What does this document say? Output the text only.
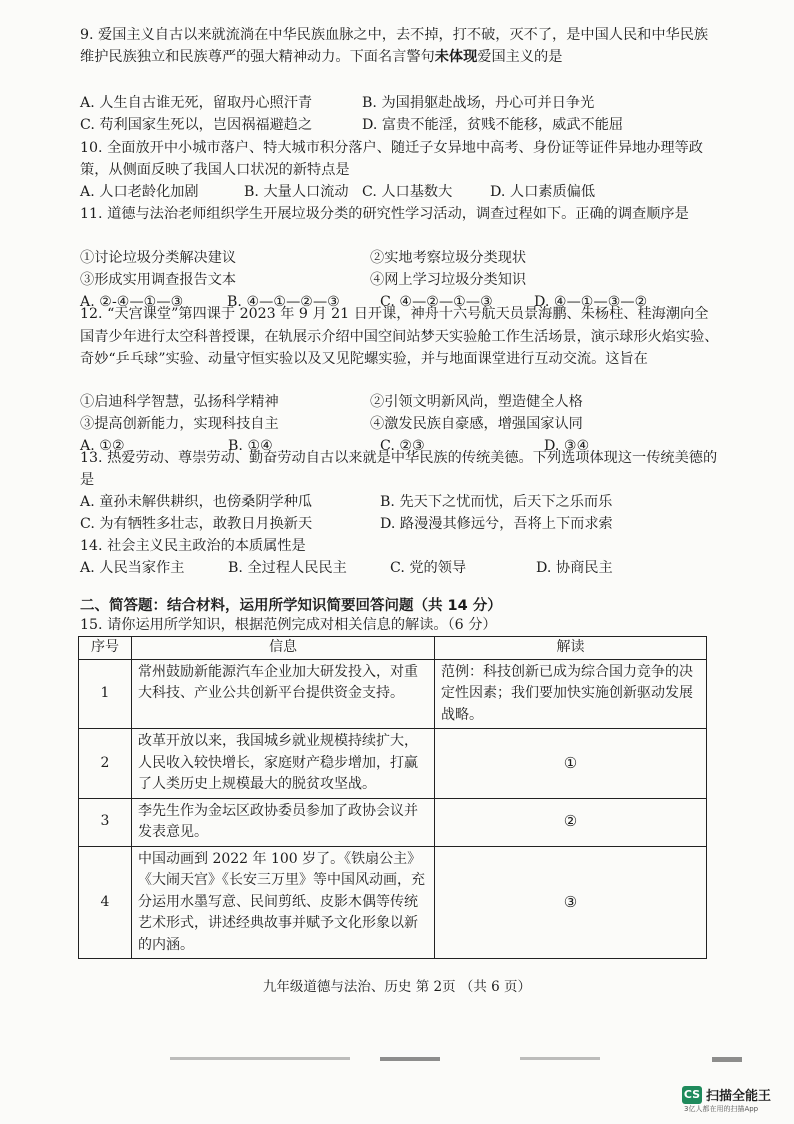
9. 爱国主义自古以来就流淌在中华民族血脉之中，去不掉，打不破，灭不了，是中国人民和中华民族维护民族独立和民族尊严的强大精神动力。下面名言警句未体现爱国主义的是
A. 人生自古谁无死，留取丹心照汗青	B. 为国捐躯赴战场，丹心可并日争光
C. 苟利国家生死以，岂因祸福避趋之	D. 富贵不能淫，贫贱不能移，威武不能屈
10. 全面放开中小城市落户、特大城市积分落户、随迁子女异地中高考、身份证等证件异地办理等政策，从侧面反映了我国人口状况的新特点是
A. 人口老龄化加剧	B. 大量人口流动 C. 人口基数大	D. 人口素质偏低
11. 道德与法治老师组织学生开展垃圾分类的研究性学习活动，调查过程如下。正确的调查顺序是
①讨论垃圾分类解决建议	②实地考察垃圾分类现状
③形成实用调查报告文本	④网上学习垃圾分类知识
A. ②-④—①—③	B. ④—①—②—③	C. ④—②—①—③	D. ④—①—③—②
12. “天宫课堂”第四课于 2023 年 9 月 21 日开课，神舟十六号航天员景海鹏、朱杨柱、桂海潮向全国青少年进行太空科普授课，在轨展示介绍中国空间站梦天实验舱工作生活场景，演示球形火焰实验、奇妙“乒乓球”实验、动量守恒实验以及又见陀螺实验，并与地面课堂进行互动交流。这旨在
①启迪科学智慧，弘扬科学精神	②引领文明新风尚，塑造健全人格
③提高创新能力，实现科技自主	④激发民族自豪感，增强国家认同
A. ①②	B. ①④	C. ②③	D. ③④
13. 热爱劳动、尊崇劳动、勤奋劳动自古以来就是中华民族的传统美德。下列选项体现这一传统美德的是
A. 童孙未解供耕织，也傍桑阴学种瓜	B. 先天下之忧而忧，后天下之乐而乐
C. 为有牺牲多壮志，敢教日月换新天	D. 路漫漫其修远兮，吾将上下而求索
14. 社会主义民主政治的本质属性是
A. 人民当家作主	B. 全过程人民民主	C. 党的领导	D. 协商民主
二、简答题：结合材料，运用所学知识简要回答问题（共 14 分）
15. 请你运用所学知识，根据范例完成对相关信息的解读。（6 分）
序号	信息	解读
1	常州鼓励新能源汽车企业加大研发投入，对重大科技、产业公共创新平台提供资金支持。	范例：科技创新已成为综合国力竞争的决定性因素；我们要加快实施创新驱动发展战略。
2	改革开放以来，我国城乡就业规模持续扩大，人民收入较快增长，家庭财产稳步增加，打赢了人类历史上规模最大的脱贫攻坚战。	①
3	李先生作为金坛区政协委员参加了政协会议并发表意见。	②
4	中国动画到 2022 年 100 岁了。《铁扇公主》《大闹天宫》《长安三万里》等中国风动画，充分运用水墨写意、民间剪纸、皮影木偶等传统艺术形式，讲述经典故事并赋予文化形象以新的内涵。	③
九年级道德与法治、历史 第 2页 （共 6 页）
CS 扫描全能王
3亿人都在用的扫描App
